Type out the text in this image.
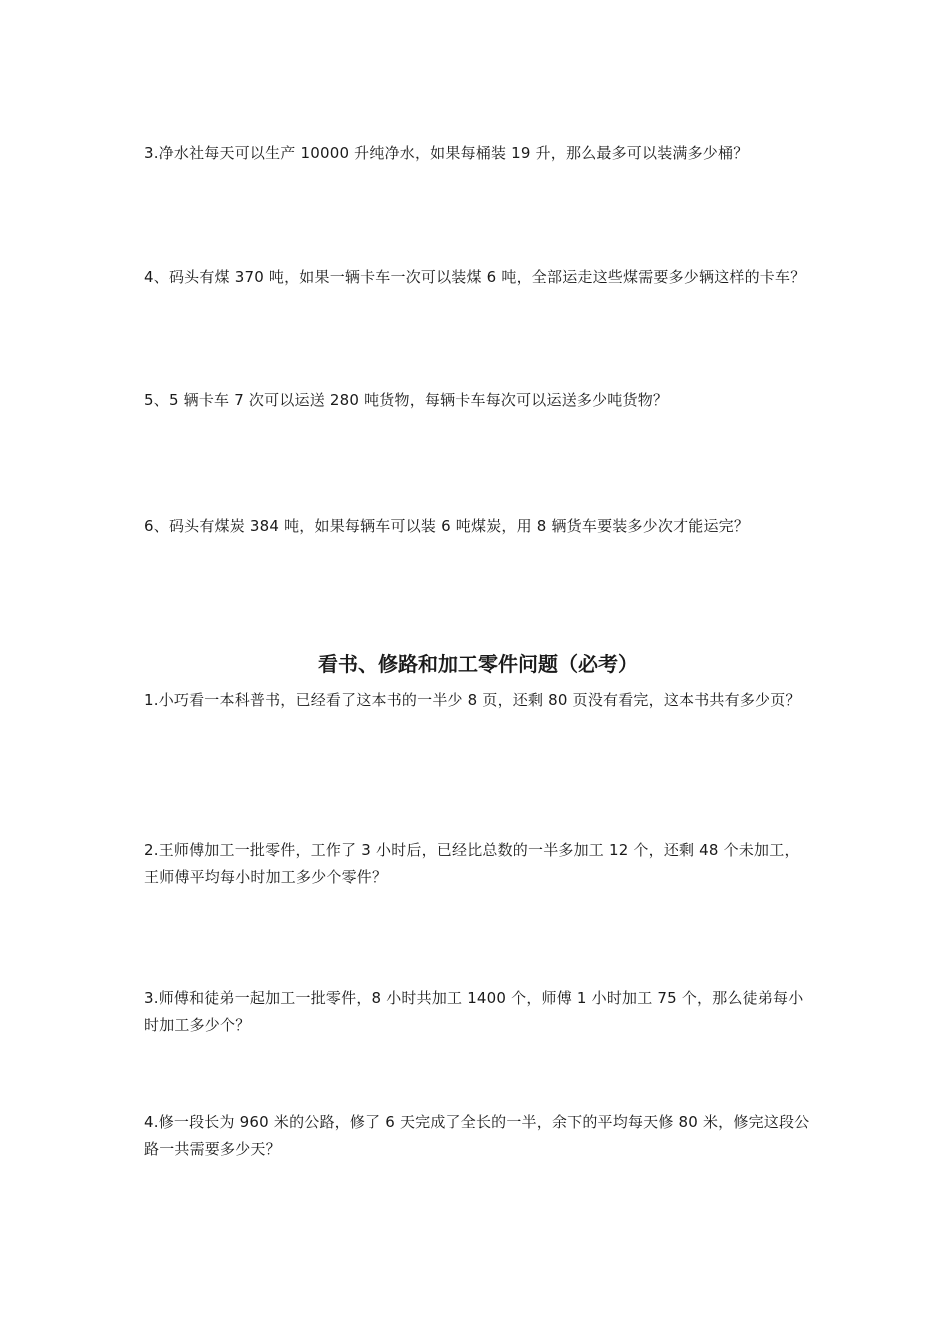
3.净水社每天可以生产 10000 升纯净水，如果每桶装 19 升，那么最多可以装满多少桶？

4、码头有煤 370 吨，如果一辆卡车一次可以装煤 6 吨，全部运走这些煤需要多少辆这样的卡车？

5、5 辆卡车 7 次可以运送 280 吨货物，每辆卡车每次可以运送多少吨货物？

6、码头有煤炭 384 吨，如果每辆车可以装 6 吨煤炭，用 8 辆货车要装多少次才能运完？

看书、修路和加工零件问题（必考）

1.小巧看一本科普书，已经看了这本书的一半少 8 页，还剩 80 页没有看完，这本书共有多少页？

2.王师傅加工一批零件，工作了 3 小时后，已经比总数的一半多加工 12 个，还剩 48 个未加工，王师傅平均每小时加工多少个零件？

3.师傅和徒弟一起加工一批零件，8 小时共加工 1400 个，师傅 1 小时加工 75 个，那么徒弟每小时加工多少个？

4.修一段长为 960 米的公路，修了 6 天完成了全长的一半，余下的平均每天修 80 米，修完这段公路一共需要多少天？
